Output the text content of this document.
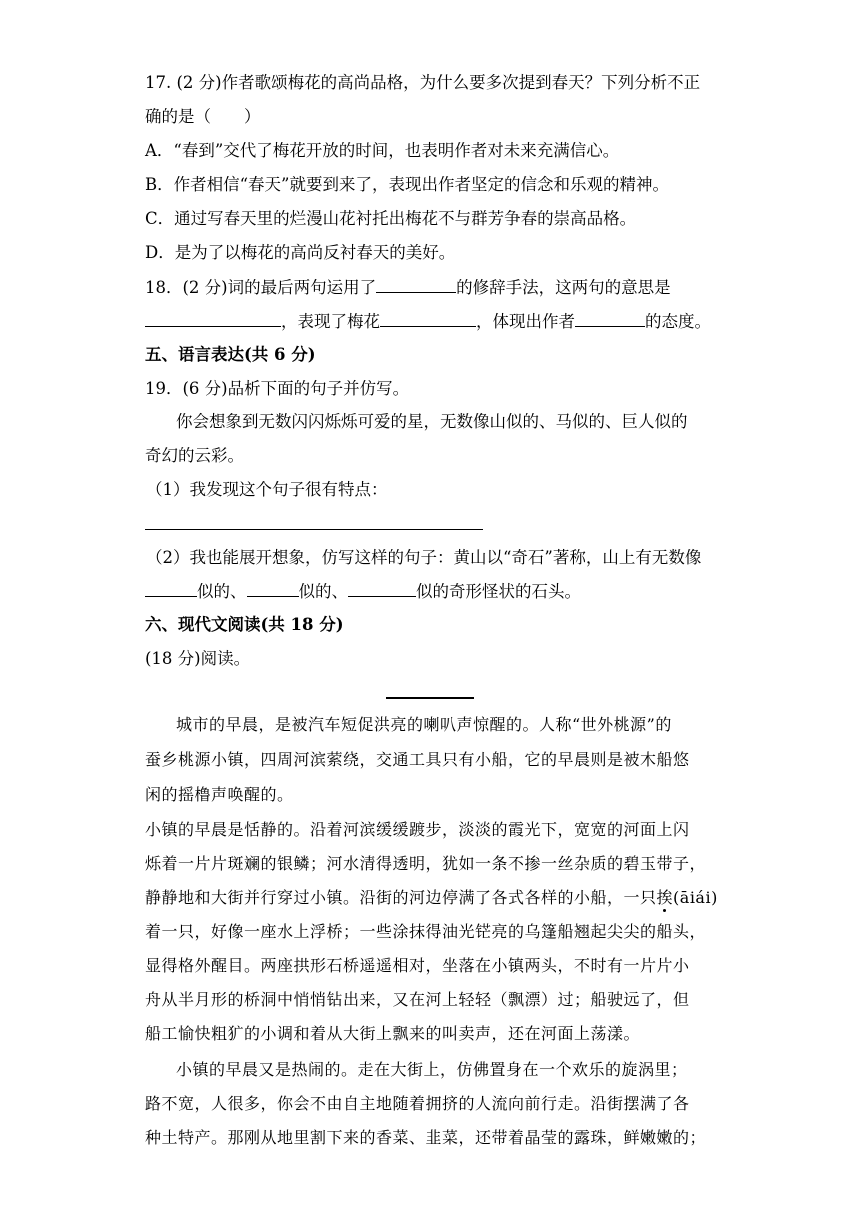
17. (2 分)作者歌颂梅花的高尚品格，为什么要多次提到春天？下列分析不正
确的是（　　）
A．“春到”交代了梅花开放的时间，也表明作者对未来充满信心。
B．作者相信“春天”就要到来了，表现出作者坚定的信念和乐观的精神。
C．通过写春天里的烂漫山花衬托出梅花不与群芳争春的崇高品格。
D．是为了以梅花的高尚反衬春天的美好。
18．(2 分)词的最后两句运用了	的修辞手法，这两句的意思是
，表现了梅花	，体现出作者	的态度。
五、语言表达(共 6 分)
19．(6 分)品析下面的句子并仿写。
你会想象到无数闪闪烁烁可爱的星，无数像山似的、马似的、巨人似的
奇幻的云彩。
（1）我发现这个句子很有特点：
（2）我也能展开想象，仿写这样的句子：黄山以“奇石”著称，山上有无数像
似的、	似的、	似的奇形怪状的石头。
六、现代文阅读(共 18 分)
(18 分)阅读。
城市的早晨，是被汽车短促洪亮的喇叭声惊醒的。人称“世外桃源”的
蚕乡桃源小镇，四周河滨萦绕，交通工具只有小船，它的早晨则是被木船悠
闲的摇橹声唤醒的。
小镇的早晨是恬静的。沿着河滨缓缓踱步，淡淡的霞光下，宽宽的河面上闪
烁着一片片斑斓的银鳞；河水清得透明，犹如一条不掺一丝杂质的碧玉带子，
静静地和大街并行穿过小镇。沿街的河边停满了各式各样的小船，一只挨(āiái)
着一只，好像一座水上浮桥；一些涂抹得油光铓亮的乌篷船翘起尖尖的船头，
显得格外醒目。两座拱形石桥遥遥相对，坐落在小镇两头，不时有一片片小
舟从半月形的桥洞中悄悄钻出来，又在河上轻轻（飘漂）过；船驶远了，但
船工愉快粗犷的小调和着从大街上飘来的叫卖声，还在河面上荡漾。
小镇的早晨又是热闹的。走在大街上，仿佛置身在一个欢乐的旋涡里；
路不宽，人很多，你会不由自主地随着拥挤的人流向前行走。沿街摆满了各
种土特产。那刚从地里割下来的香菜、韭菜，还带着晶莹的露珠，鲜嫩嫩的；
